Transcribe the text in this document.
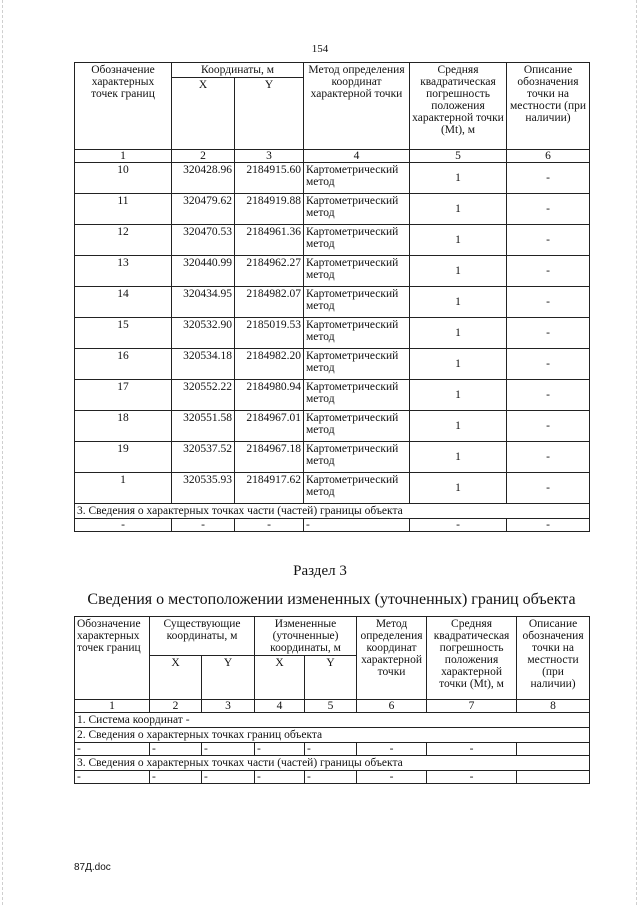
154
Обозначение характерных точек границ	Координаты, м		Метод определения координат характерной точки	Средняя квадратическая погрешность положения характерной точки (Mt), м	Описание обозначения точки на местности (при наличии)
	X	Y			
1	2	3	4	5	6
10	320428.96	2184915.60	Картометрический метод	1	-
11	320479.62	2184919.88	Картометрический метод	1	-
12	320470.53	2184961.36	Картометрический метод	1	-
13	320440.99	2184962.27	Картометрический метод	1	-
14	320434.95	2184982.07	Картометрический метод	1	-
15	320532.90	2185019.53	Картометрический метод	1	-
16	320534.18	2184982.20	Картометрический метод	1	-
17	320552.22	2184980.94	Картометрический метод	1	-
18	320551.58	2184967.01	Картометрический метод	1	-
19	320537.52	2184967.18	Картометрический метод	1	-
1	320535.93	2184917.62	Картометрический метод	1	-
3. Сведения о характерных точках части (частей) границы объекта					
-	-	-	-	-	-
Раздел 3
Сведения о местоположении измененных (уточненных) границ объекта
Обозначение характерных точек границ	Существующие координаты, м		Измененные (уточненные) координаты, м		Метод определения координат характерной точки	Средняя квадратическая погрешность положения характерной точки (Mt), м	Описание обозначения точки на местности (при наличии)
	X	Y	X	Y			
1	2	3	4	5	6	7	8
1. Система координат -							
2. Сведения о характерных точках границ объекта							
-	-	-	-	-	-	-	
3. Сведения о характерных точках части (частей) границы объекта							
-	-	-	-	-	-	-	
87Д.doc
